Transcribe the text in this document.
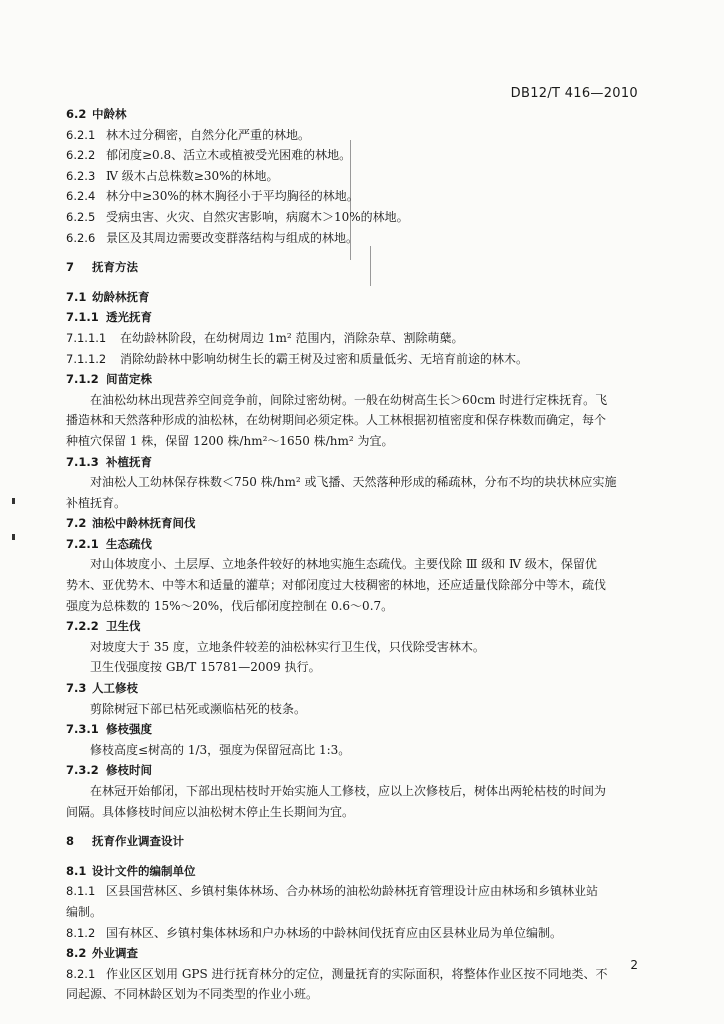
DB12/T 416—2010
6.2 中龄林
6.2.1 林木过分稠密，自然分化严重的林地。
6.2.2 郁闭度≥0.8、活立木或植被受光困难的林地。
6.2.3 Ⅳ 级木占总株数≥30%的林地。
6.2.4 林分中≥30%的林木胸径小于平均胸径的林地。
6.2.5 受病虫害、火灾、自然灾害影响，病腐木＞10%的林地。
6.2.6 景区及其周边需要改变群落结构与组成的林地。
7 抚育方法
7.1 幼龄林抚育
7.1.1 透光抚育
7.1.1.1 在幼龄林阶段，在幼树周边 1m² 范围内，消除杂草、割除萌蘖。
7.1.1.2 消除幼龄林中影响幼树生长的霸王树及过密和质量低劣、无培育前途的林木。
7.1.2 间苗定株
在油松幼林出现营养空间竞争前，间除过密幼树。一般在幼树高生长＞60cm 时进行定株抚育。飞
播造林和天然落种形成的油松林，在幼树期间必须定株。人工林根据初植密度和保存株数而确定，每个
种植穴保留 1 株，保留 1200 株/hm²～1650 株/hm² 为宜。
7.1.3 补植抚育
对油松人工幼林保存株数＜750 株/hm² 或飞播、天然落种形成的稀疏林，分布不均的块状林应实施
补植抚育。
7.2 油松中龄林抚育间伐
7.2.1 生态疏伐
对山体坡度小、土层厚、立地条件较好的林地实施生态疏伐。主要伐除 Ⅲ 级和 Ⅳ 级木，保留优
势木、亚优势木、中等木和适量的灌草；对郁闭度过大枝稠密的林地，还应适量伐除部分中等木，疏伐
强度为总株数的 15%～20%，伐后郁闭度控制在 0.6～0.7。
7.2.2 卫生伐
对坡度大于 35 度，立地条件较差的油松林实行卫生伐，只伐除受害林木。
卫生伐强度按 GB/T 15781—2009 执行。
7.3 人工修枝
剪除树冠下部已枯死或濒临枯死的枝条。
7.3.1 修枝强度
修枝高度≤树高的 1/3，强度为保留冠高比 1:3。
7.3.2 修枝时间
在林冠开始郁闭，下部出现枯枝时开始实施人工修枝，应以上次修枝后，树体出两轮枯枝的时间为
间隔。具体修枝时间应以油松树木停止生长期间为宜。
8 抚育作业调查设计
8.1 设计文件的编制单位
8.1.1 区县国营林区、乡镇村集体林场、合办林场的油松幼龄林抚育管理设计应由林场和乡镇林业站
编制。
8.1.2 国有林区、乡镇村集体林场和户办林场的中龄林间伐抚育应由区县林业局为单位编制。
8.2 外业调查
8.2.1 作业区区划用 GPS 进行抚育林分的定位，测量抚育的实际面积，将整体作业区按不同地类、不
同起源、不同林龄区划为不同类型的作业小班。
2
